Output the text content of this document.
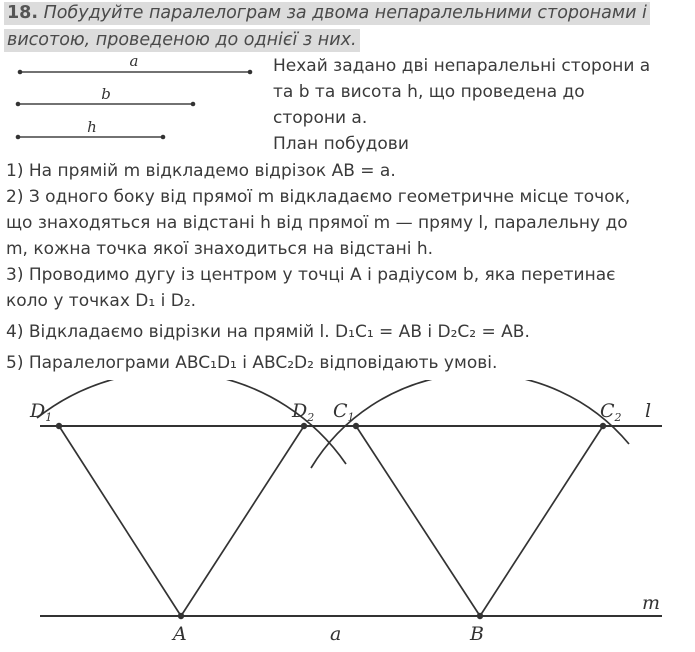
18. Побудуйте паралелограм за двома непаралельними сторонами і
висотою, проведеною до однієї з них.
a
b
h
Нехай задано дві непаралельні сторони a
та b та висота h, що проведена до
сторони a.
План побудови

1) На прямій m відкладемо відрізок AB = a.

2) З одного боку від прямої m відкладаємо геометричне місце точок,

що знаходяться на відстані h від прямої m — пряму l, паралельну до

m, кожна точка якої знаходиться на відстані h.

3) Проводимо дугу із центром у точці A і радіусом b, яка перетинає

коло у точках D₁ і D₂.

4) Відкладаємо відрізки на прямій l. D₁C₁ = AB і D₂C₂ = AB.

5) Паралелограми ABC₁D₁ і ABC₂D₂ відповідають умові.

$D_1$	$D_2$ $C_1$	$C_2$ l
m
A	a	B
